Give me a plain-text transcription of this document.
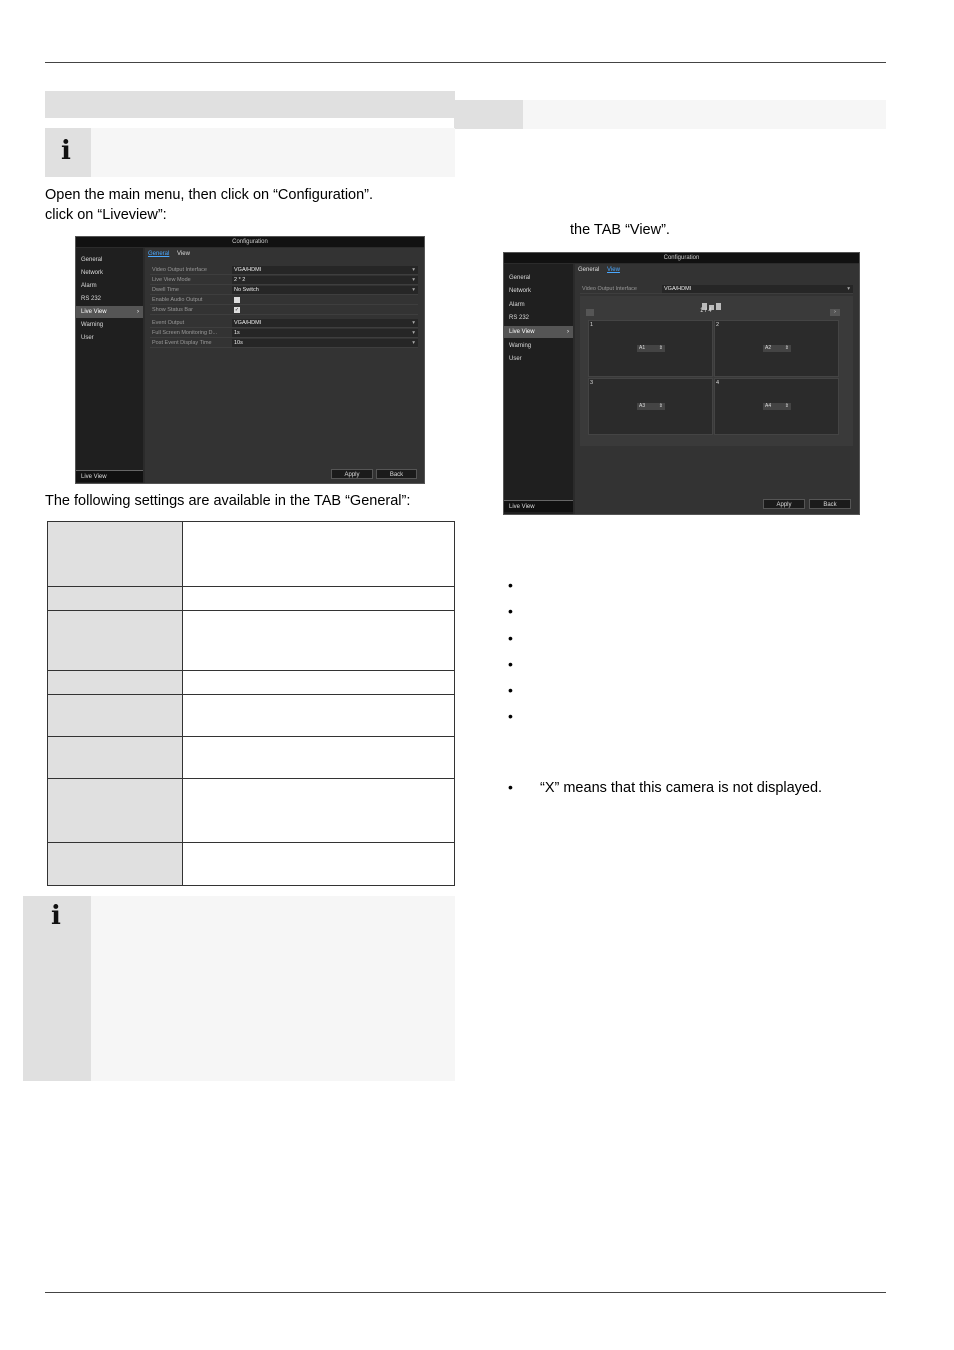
i
Open the main menu, then click on “Configuration”.
click on “Liveview”:
Configuration
General
Network
Alarm
RS 232
Live View	›
Warning
User
Live View
General View
Video Output Interface	VGA/HDMI	▾
Live View Mode	2 * 2	▾
Dwell Time	No Switch	▾
Enable Audio Output
Show Status Bar	✓
Event Output	VGA/HDMI	▾
Full Screen Monitoring D...	1s	▾
Post Event Display Time	10s	▾
Apply	Back
The following settings are available in the TAB “General”:

i
the TAB “View”.
Configuration
General
Network
Alarm
RS 232
Live View	›
Warning
User
Live View
General View
Video Output Interface	VGA/HDMI	▾
1 / 4	›
1
A1	⇕
2
A2	⇕
3
A3	⇕
4
A4	⇕
Apply	Back
•
•
•
•
•
•
• “X” means that this camera is not displayed.
